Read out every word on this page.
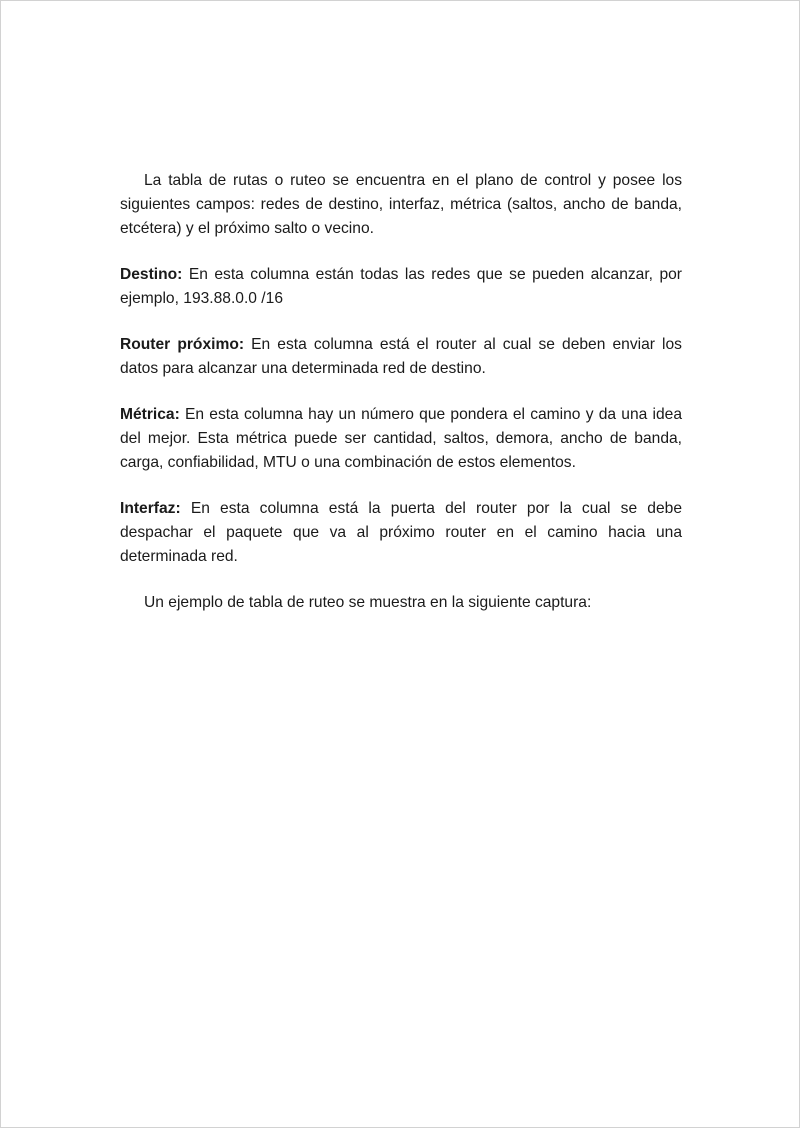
La tabla de rutas o ruteo se encuentra en el plano de control y posee los siguientes campos: redes de destino, interfaz, métrica (saltos, ancho de banda, etcétera) y el próximo salto o vecino.

Destino: En esta columna están todas las redes que se pueden alcanzar, por ejemplo, 193.88.0.0 /16

Router próximo: En esta columna está el router al cual se deben enviar los datos para alcanzar una determinada red de destino.

Métrica: En esta columna hay un número que pondera el camino y da una idea del mejor. Esta métrica puede ser cantidad, saltos, demora, ancho de banda, carga, confiabilidad, MTU o una combinación de estos elementos.

Interfaz: En esta columna está la puerta del router por la cual se debe despachar el paquete que va al próximo router en el camino hacia una determinada red.

Un ejemplo de tabla de ruteo se muestra en la siguiente captura:
